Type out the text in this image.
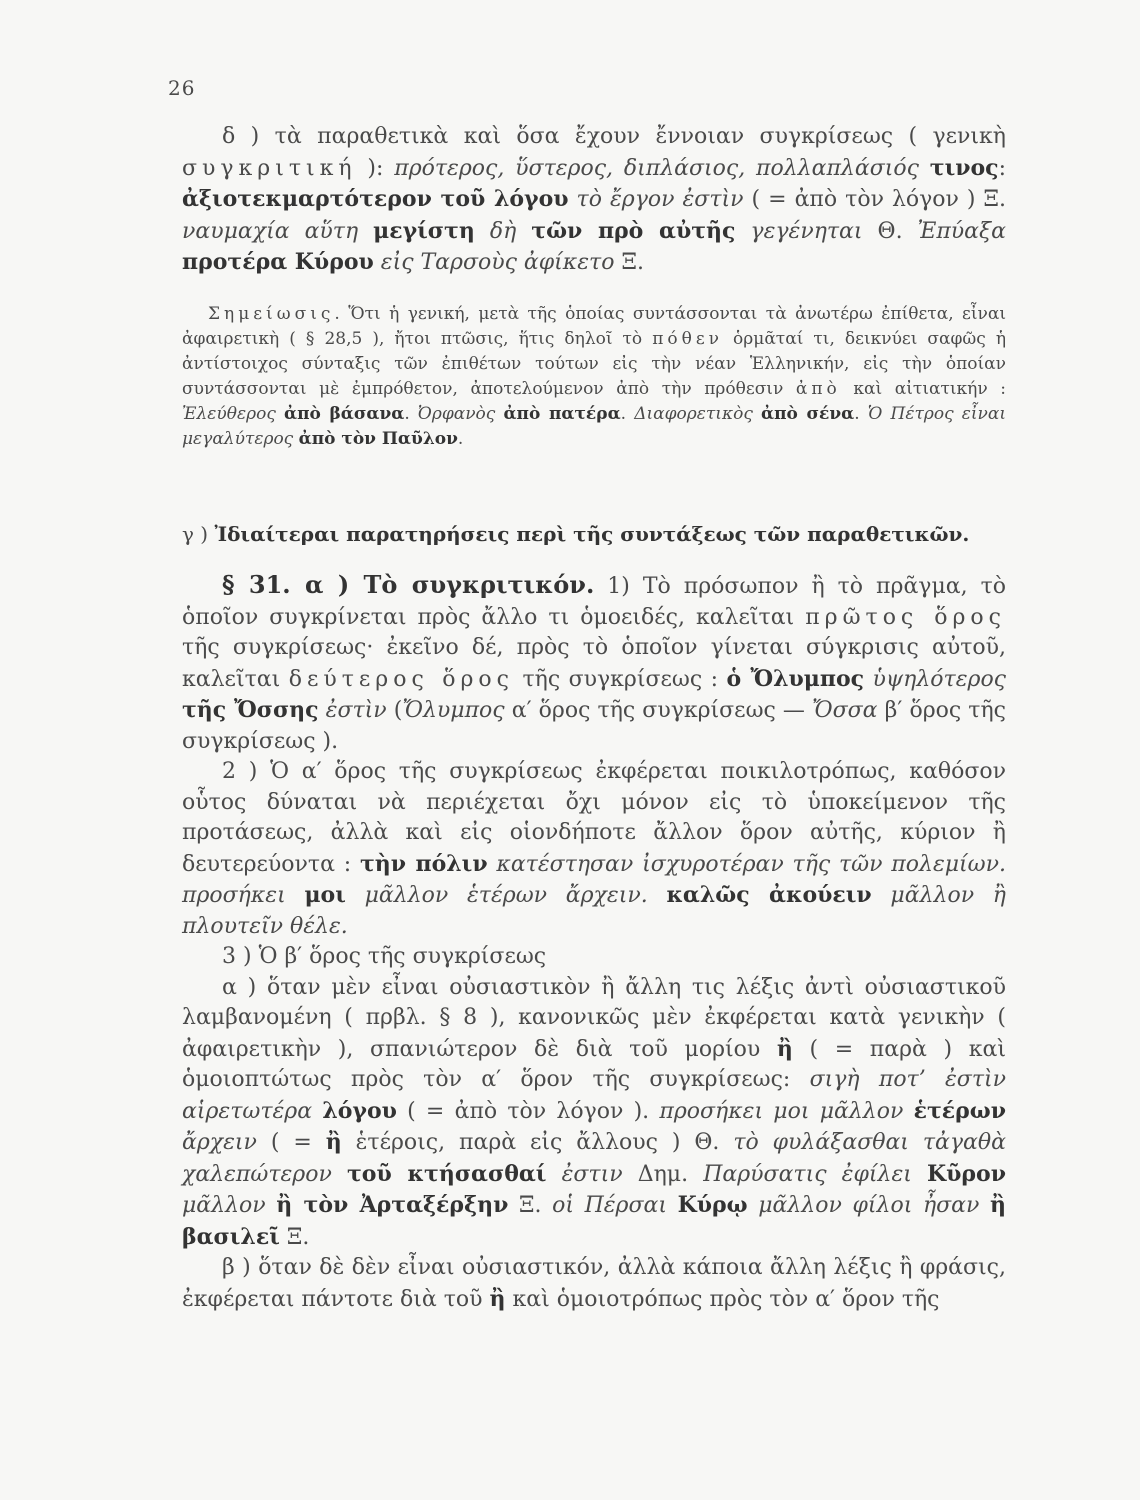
26

δ ) τὰ παραθετικὰ καὶ ὅσα ἔχουν ἔννοιαν συγκρίσεως ( γενικὴ συγκριτική ): πρότερος, ὕστερος, διπλάσιος, πολλαπλάσιός τινος: ἀξιοτεκμαρτότερον τοῦ λόγου τὸ ἔργον ἐστὶν ( = ἀπὸ τὸν λόγον ) Ξ. ναυμαχία αὕτη μεγίστη δὴ τῶν πρὸ αὐτῆς γεγένηται Θ. Ἐπύαξα προτέρα Κύρου εἰς Ταρσοὺς ἀφίκετο Ξ.

Σημείωσις. Ὅτι ἡ γενική, μετὰ τῆς ὁποίας συντάσσονται τὰ ἀνωτέρω ἐπίθετα, εἶναι ἀφαιρετικὴ ( § 28,5 ), ἤτοι πτῶσις, ἥτις δηλοῖ τὸ πόθεν ὁρμᾶταί τι, δεικνύει σαφῶς ἡ ἀντίστοιχος σύνταξις τῶν ἐπιθέτων τούτων εἰς τὴν νέαν Ἑλληνικήν, εἰς τὴν ὁποίαν συντάσσονται μὲ ἐμπρόθετον, ἀποτελούμενον ἀπὸ τὴν πρόθεσιν ἀπὸ καὶ αἰτιατικήν : Ἐλεύθερος ἀπὸ βάσανα. Ὀρφανὸς ἀπὸ πατέρα. Διαφορετικὸς ἀπὸ σένα. Ὁ Πέτρος εἶναι μεγαλύτερος ἀπὸ τὸν Παῦλον.

γ ) Ἰδιαίτεραι παρατηρήσεις περὶ τῆς συντάξεως τῶν παραθετικῶν.

§ 31. α ) Τὸ συγκριτικόν. 1) Τὸ πρόσωπον ἢ τὸ πρᾶγμα, τὸ ὁποῖον συγκρίνεται πρὸς ἄλλο τι ὁμοειδές, καλεῖται πρῶτος ὅρος τῆς συγκρίσεως· ἐκεῖνο δέ, πρὸς τὸ ὁποῖον γίνεται σύγκρισις αὐτοῦ, καλεῖται δεύτερος ὅρος τῆς συγκρίσεως : ὁ Ὄλυμπος ὑψηλότερος τῆς Ὄσσης ἐστὶν (Ὄλυμπος α′ ὅρος τῆς συγκρίσεως — Ὄσσα β′ ὅρος τῆς συγκρίσεως ).

2 ) Ὁ α′ ὅρος τῆς συγκρίσεως ἐκφέρεται ποικιλοτρόπως, καθόσον οὗτος δύναται νὰ περιέχεται ὄχι μόνον εἰς τὸ ὑποκείμενον τῆς προτάσεως, ἀλλὰ καὶ εἰς οἱονδήποτε ἄλλον ὅρον αὐτῆς, κύριον ἢ δευτερεύοντα : τὴν πόλιν κατέστησαν ἰσχυροτέραν τῆς τῶν πολεμίων. προσήκει μοι μᾶλλον ἑτέρων ἄρχειν. καλῶς ἀκούειν μᾶλλον ἢ πλουτεῖν θέλε.

3 ) Ὁ β′ ὅρος τῆς συγκρίσεως

α ) ὅταν μὲν εἶναι οὐσιαστικὸν ἢ ἄλλη τις λέξις ἀντὶ οὐσιαστικοῦ λαμβανομένη ( πρβλ. § 8 ), κανονικῶς μὲν ἐκφέρεται κατὰ γενικὴν ( ἀφαιρετικὴν ), σπανιώτερον δὲ διὰ τοῦ μορίου ἢ ( = παρὰ ) καὶ ὁμοιοπτώτως πρὸς τὸν α′ ὅρον τῆς συγκρίσεως: σιγὴ ποτ’ ἐστὶν αἱρετωτέρα λόγου ( = ἀπὸ τὸν λόγον ). προσήκει μοι μᾶλλον ἑτέρων ἄρχειν ( = ἢ ἑτέροις, παρὰ εἰς ἄλλους ) Θ. τὸ φυλάξασθαι τἀγαθὰ χαλεπώτερον τοῦ κτήσασθαί ἐστιν Δημ. Παρύσατις ἐφίλει Κῦρον μᾶλλον ἢ τὸν Ἀρταξέρξην Ξ. οἱ Πέρσαι Κύρῳ μᾶλλον φίλοι ἦσαν ἢ βασιλεῖ Ξ.

β ) ὅταν δὲ δὲν εἶναι οὐσιαστικόν, ἀλλὰ κάποια ἄλλη λέξις ἢ φράσις, ἐκφέρεται πάντοτε διὰ τοῦ ἢ καὶ ὁμοιοτρόπως πρὸς τὸν α′ ὅρον τῆς
